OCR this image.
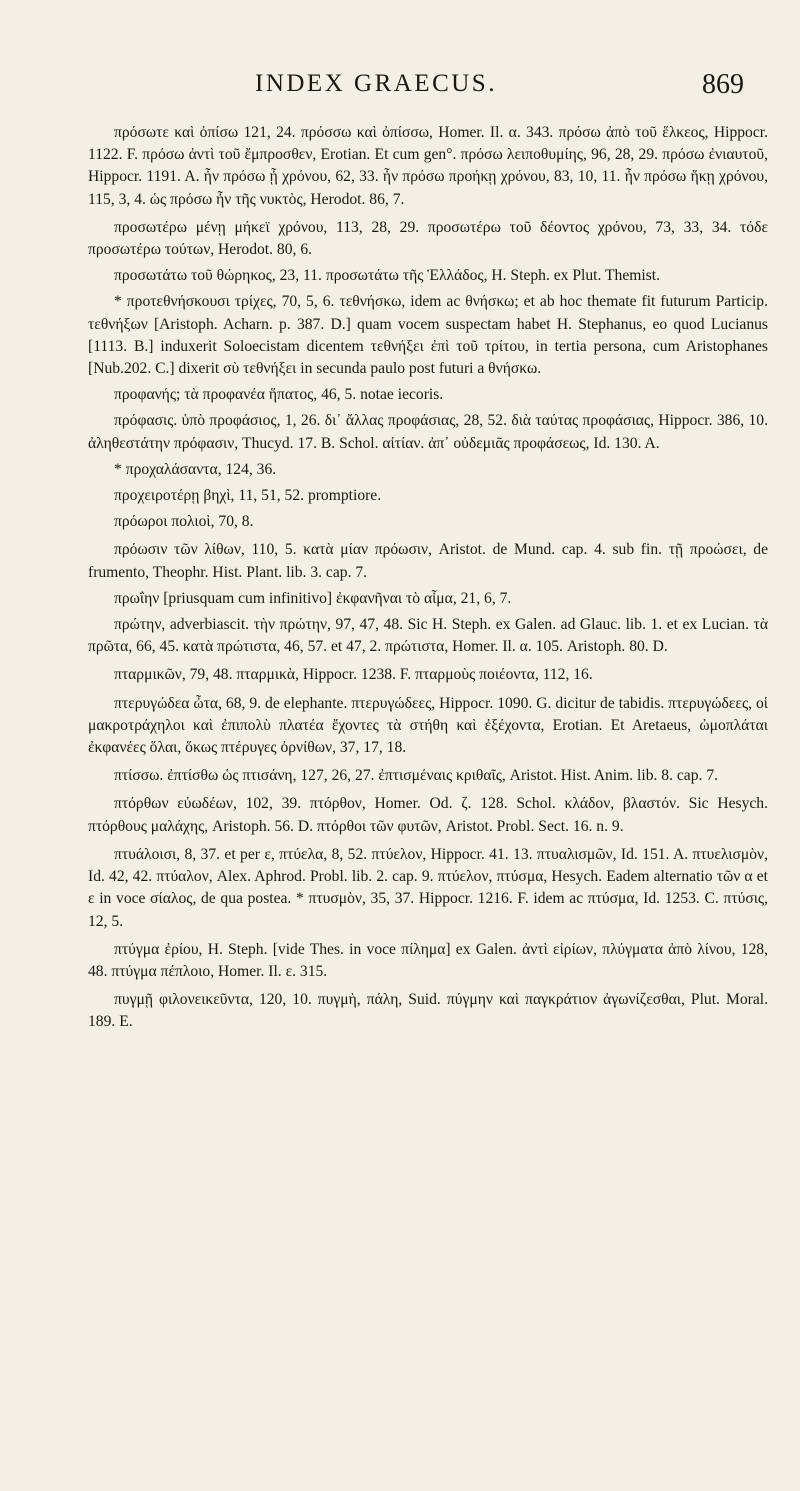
INDEX GRAECUS.	869

πρόσωτε καὶ ὀπίσω 121, 24. πρόσσω καὶ ὀπίσσω, Homer. Il. α. 343. πρόσω ἀπὸ τοῦ ἕλκεος, Hippocr. 1122. F. πρόσω ἀντὶ τοῦ ἔμπροσθεν, Erotian. Et cum gen°. πρόσω λειποθυμίης, 96, 28, 29. πρόσω ἐνιαυτοῦ, Hippocr. 1191. A. ἦν πρόσω ᾖ χρόνου, 62, 33. ἦν πρόσω προήκῃ χρόνου, 83, 10, 11. ἦν πρόσω ἥκῃ χρόνου, 115, 3, 4. ὡς πρόσω ἦν τῆς νυκτὸς, Herodot. 86, 7.

προσωτέρω μένῃ μήκεϊ χρόνου, 113, 28, 29. προσωτέρω τοῦ δέοντος χρόνου, 73, 33, 34. τόδε προσωτέρω τούτων, Herodot. 80, 6.

προσωτάτω τοῦ θώρηκος, 23, 11. προσωτάτω τῆς Ἑλλάδος, H. Steph. ex Plut. Themist.

* προτεθνήσκουσι τρίχες, 70, 5, 6. τεθνήσκω, idem ac θνήσκω; et ab hoc themate fit futurum Particip. τεθνήξων [Aristoph. Acharn. p. 387. D.] quam vocem suspectam habet H. Stephanus, eo quod Lucianus [1113. B.] induxerit Soloecistam dicentem τεθνήξει ἐπὶ τοῦ τρίτου, in tertia persona, cum Aristophanes [Nub.202. C.] dixerit σὺ τεθνήξει in secunda paulo post futuri a θνήσκω.

προφανής; τὰ προφανέα ἥπατος, 46, 5. notae iecoris.

πρόφασις. ὑπὸ προφάσιος, 1, 26. δι᾽ ἄλλας προφάσιας, 28, 52. διὰ ταύτας προφάσιας, Hippocr. 386, 10. ἀληθεστάτην πρόφασιν, Thucyd. 17. B. Schol. αἰτίαν. ἀπ᾽ οὐδεμιᾶς προφάσεως, Id. 130. A.

* προχαλάσαντα, 124, 36.

προχειροτέρῃ βηχὶ, 11, 51, 52. promptiore.

πρόωροι πολιοὶ, 70, 8.

πρόωσιν τῶν λίθων, 110, 5. κατὰ μίαν πρόωσιν, Aristot. de Mund. cap. 4. sub fin. τῇ προώσει, de frumento, Theophr. Hist. Plant. lib. 3. cap. 7.

πρωΐην [priusquam cum infinitivo] ἐκφανῆναι τὸ αἷμα, 21, 6, 7.

πρώτην, adverbiascit. τὴν πρώτην, 97, 47, 48. Sic H. Steph. ex Galen. ad Glauc. lib. 1. et ex Lucian. τὰ πρῶτα, 66, 45. κατὰ πρώτιστα, 46, 57. et 47, 2. πρώτιστα, Homer. Il. α. 105. Aristoph. 80. D.

πταρμικῶν, 79, 48. πταρμικὰ, Hippocr. 1238. F. πταρμοὺς ποιέοντα, 112, 16.

πτερυγώδεα ὦτα, 68, 9. de elephante. πτερυγώδεες, Hippocr. 1090. G. dicitur de tabidis. πτερυγώδεες, οἱ μακροτράχηλοι καὶ ἐπιπολὺ πλατέα ἔχοντες τὰ στήθη καὶ ἐξέχοντα, Erotian. Et Aretaeus, ὠμοπλάται ἐκφανέες ὅλαι, ὅκως πτέρυγες ὀρνίθων, 37, 17, 18.

πτίσσω. ἐπτίσθω ὡς πτισάνη, 127, 26, 27. ἐπτισμέναις κριθαῖς, Aristot. Hist. Anim. lib. 8. cap. 7.

πτόρθων εὐωδέων, 102, 39. πτόρθον, Homer. Od. ζ. 128. Schol. κλάδον, βλαστόν. Sic Hesych. πτόρθους μαλάχης, Aristoph. 56. D. πτόρθοι τῶν φυτῶν, Aristot. Probl. Sect. 16. n. 9.

πτυάλοισι, 8, 37. et per ε, πτύελα, 8, 52. πτύελον, Hippocr. 41. 13. πτυαλισμῶν, Id. 151. A. πτυελισμὸν, Id. 42, 42. πτύαλον, Alex. Aphrod. Probl. lib. 2. cap. 9. πτύελον, πτύσμα, Hesych. Eadem alternatio τῶν α et ε in voce σίαλος, de qua postea. * πτυσμὸν, 35, 37. Hippocr. 1216. F. idem ac πτύσμα, Id. 1253. C. πτύσις, 12, 5.

πτύγμα ἐρίου, H. Steph. [vide Thes. in voce πίλημα] ex Galen. ἀντὶ εἰρίων, πλύγματα ἀπὸ λίνου, 128, 48. πτύγμα πέπλοιο, Homer. Il. ε. 315.

πυγμῇ φιλονεικεῦντα, 120, 10. πυγμὴ, πάλη, Suid. πύγμην καὶ παγκράτιον ἀγωνίζεσθαι, Plut. Moral. 189. E.
